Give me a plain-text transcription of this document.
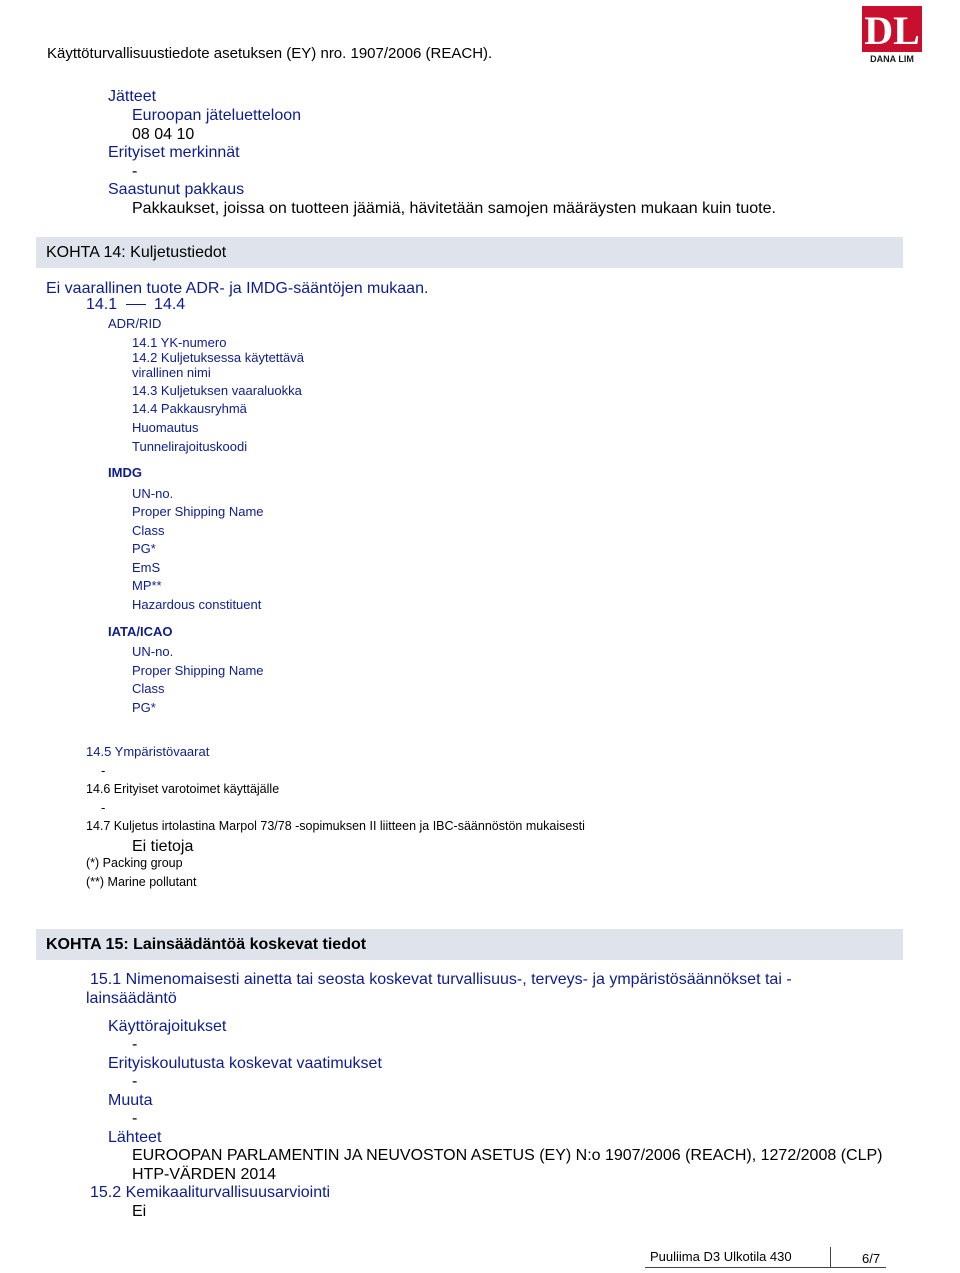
Käyttöturvallisuustiedote asetuksen (EY) nro. 1907/2006 (REACH).
DL
DANA LIM
Jätteet
Euroopan jäteluetteloon
08 04 10
Erityiset merkinnät
-
Saastunut pakkaus
Pakkaukset, joissa on tuotteen jäämiä, hävitetään samojen määräysten mukaan kuin tuote.
KOHTA 14: Kuljetustiedot
Ei vaarallinen tuote ADR- ja IMDG-sääntöjen mukaan.
14.1 14.4
ADR/RID
14.1 YK-numero
14.2 Kuljetuksessa käytettävä
virallinen nimi
14.3 Kuljetuksen vaaraluokka
14.4 Pakkausryhmä
Huomautus
Tunnelirajoituskoodi
IMDG
UN-no.
Proper Shipping Name
Class
PG*
EmS
MP**
Hazardous constituent
IATA/ICAO
UN-no.
Proper Shipping Name
Class
PG*
14.5 Ympäristövaarat
-
14.6 Erityiset varotoimet käyttäjälle
-
14.7 Kuljetus irtolastina Marpol 73/78 -sopimuksen II liitteen ja IBC-säännöstön mukaisesti
Ei tietoja
(*) Packing group
(**) Marine pollutant
KOHTA 15: Lainsäädäntöä koskevat tiedot
15.1 Nimenomaisesti ainetta tai seosta koskevat turvallisuus-, terveys- ja ympäristösäännökset tai -
lainsäädäntö
Käyttörajoitukset
-
Erityiskoulutusta koskevat vaatimukset
-
Muuta
-
Lähteet
EUROOPAN PARLAMENTIN JA NEUVOSTON ASETUS (EY) N:o 1907/2006 (REACH), 1272/2008 (CLP)
HTP-VÄRDEN 2014
15.2 Kemikaaliturvallisuusarviointi
Ei
Puuliima D3 Ulkotila 430	6/7
